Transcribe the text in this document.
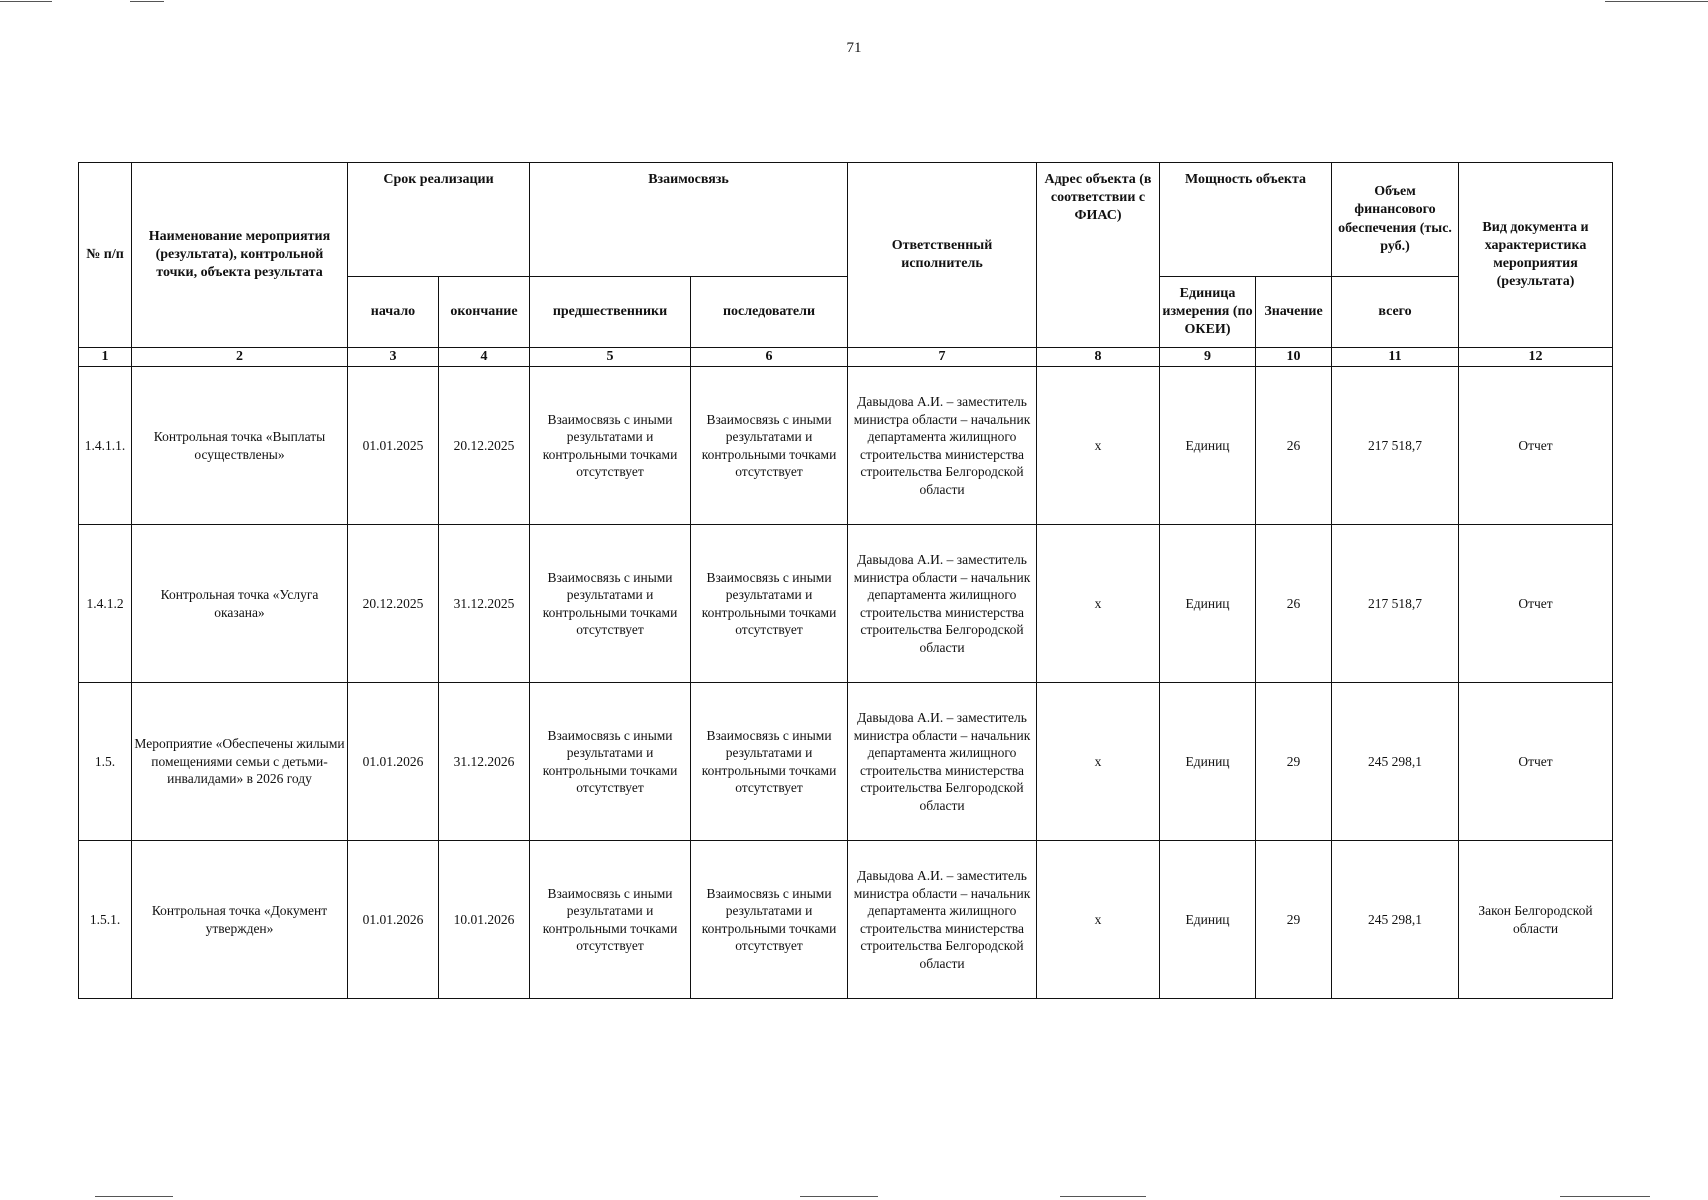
71
№ п/п	Наименование мероприятия (результата), контрольной точки, объекта результата	Срок реализации		Взаимосвязь		Ответственный исполнитель	Адрес объекта (в соответствии с ФИАС)	Мощность объекта		Объем финансового обеспечения (тыс. руб.)	Вид документа и характеристика мероприятия (результата)
		начало	окончание	предшественники	последователи			Единица измерения (по ОКЕИ)	Значение	всего	
1	2	3	4	5	6	7	8	9	10	11	12
1.4.1.1.	Контрольная точка «Выплаты осуществлены»	01.01.2025	20.12.2025	Взаимосвязь с иными результатами и контрольными точками отсутствует	Взаимосвязь с иными результатами и контрольными точками отсутствует	Давыдова А.И. – заместитель министра области – начальник департамента жилищного строительства министерства строительства Белгородской области	х	Единиц	26	217 518,7	Отчет
1.4.1.2	Контрольная точка «Услуга оказана»	20.12.2025	31.12.2025	Взаимосвязь с иными результатами и контрольными точками отсутствует	Взаимосвязь с иными результатами и контрольными точками отсутствует	Давыдова А.И. – заместитель министра области – начальник департамента жилищного строительства министерства строительства Белгородской области	х	Единиц	26	217 518,7	Отчет
1.5.	Мероприятие «Обеспечены жилыми помещениями семьи с детьми-инвалидами» в 2026 году	01.01.2026	31.12.2026	Взаимосвязь с иными результатами и контрольными точками отсутствует	Взаимосвязь с иными результатами и контрольными точками отсутствует	Давыдова А.И. – заместитель министра области – начальник департамента жилищного строительства министерства строительства Белгородской области	х	Единиц	29	245 298,1	Отчет
1.5.1.	Контрольная точка «Документ утвержден»	01.01.2026	10.01.2026	Взаимосвязь с иными результатами и контрольными точками отсутствует	Взаимосвязь с иными результатами и контрольными точками отсутствует	Давыдова А.И. – заместитель министра области – начальник департамента жилищного строительства министерства строительства Белгородской области	х	Единиц	29	245 298,1	Закон Белгородской области
